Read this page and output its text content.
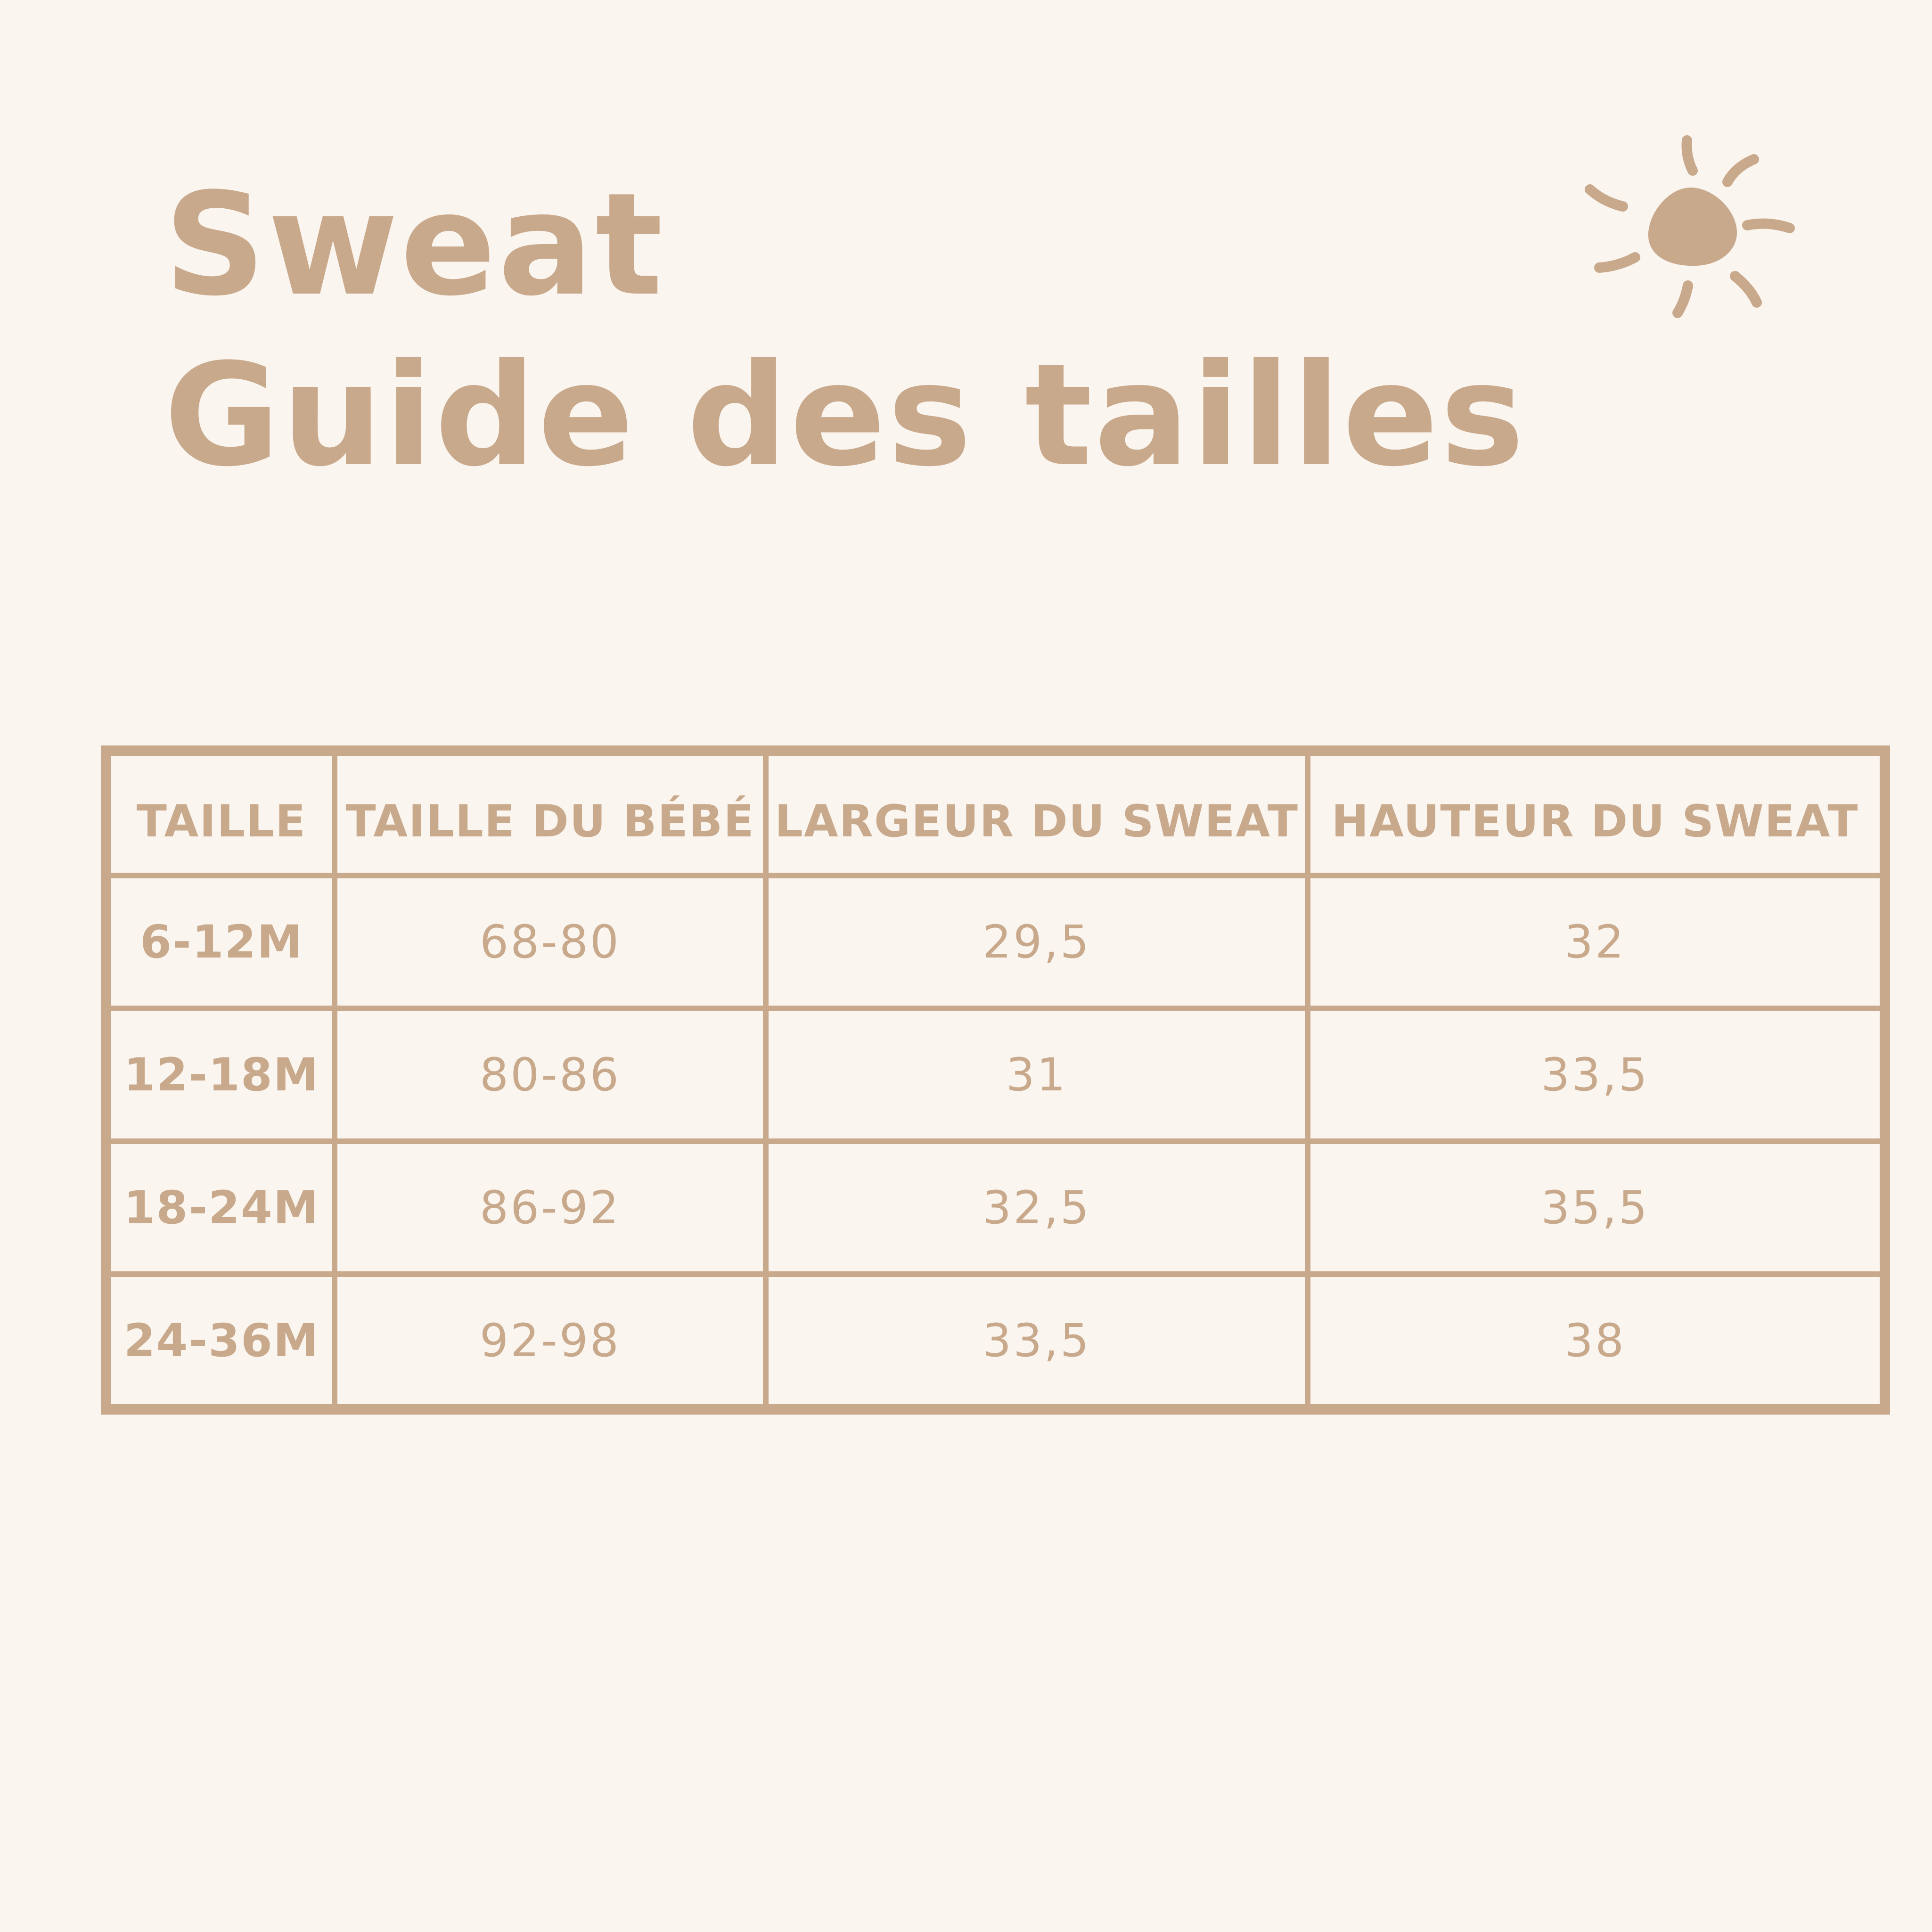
Sweat
Guide des tailles
TAILLE	TAILLE DU BÉBÉ	LARGEUR DU SWEAT	HAUTEUR DU SWEAT
6-12M	68-80	29,5	32
12-18M	80-86	31	33,5
18-24M	86-92	32,5	35,5
24-36M	92-98	33,5	38
